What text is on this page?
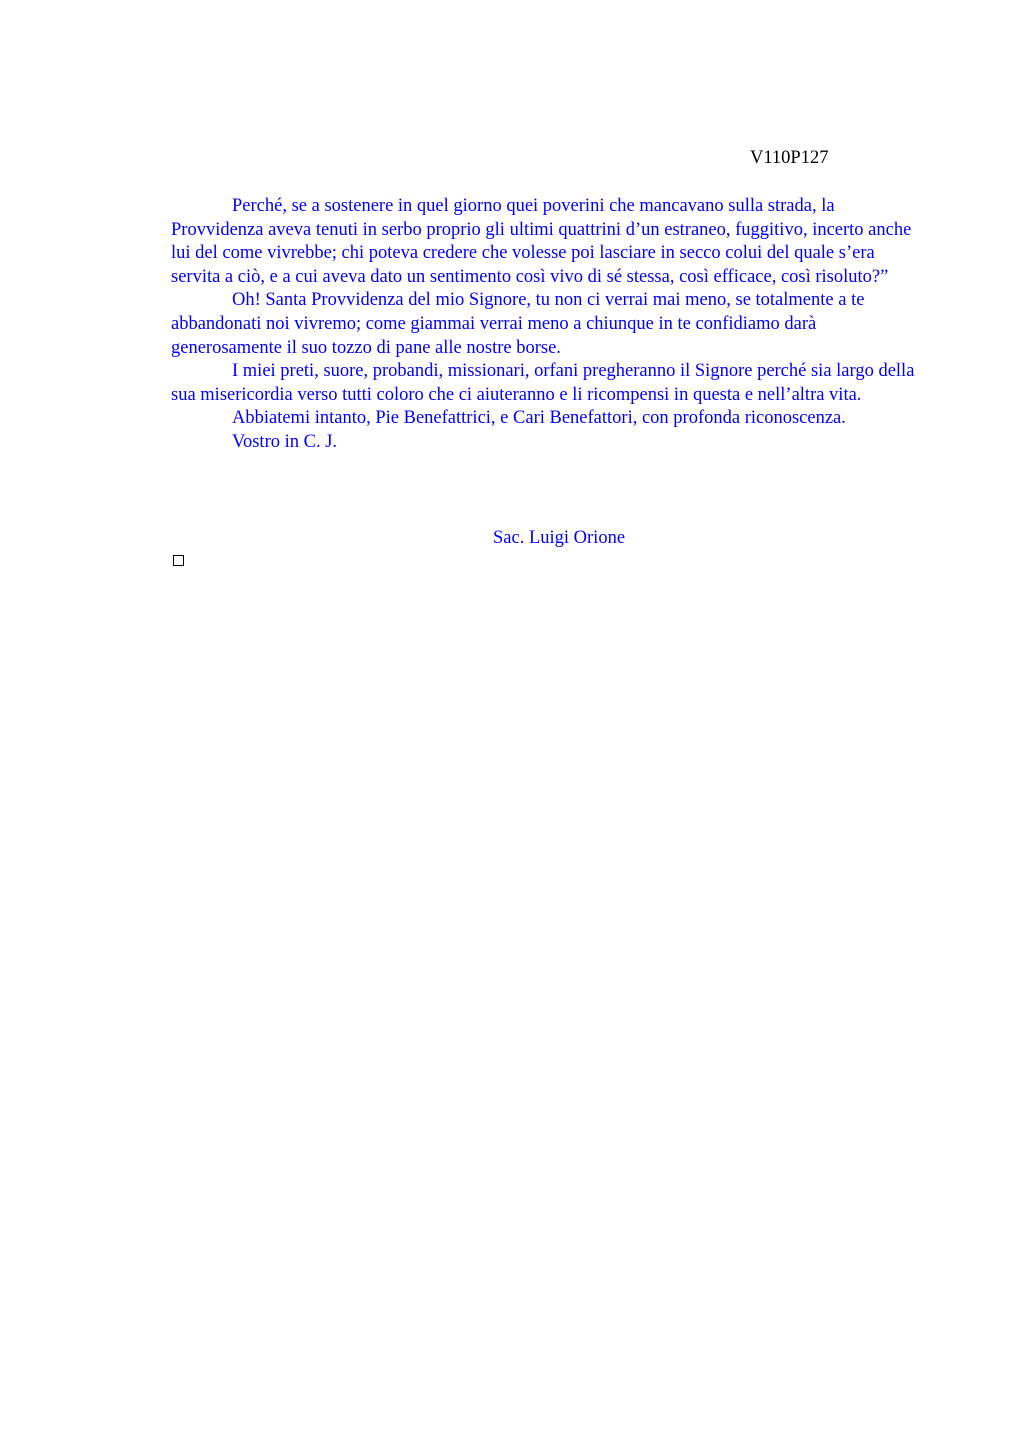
V110P127

Perché, se a sostenere in quel giorno quei poverini che mancavano sulla strada, la Provvidenza aveva tenuti in serbo proprio gli ultimi quattrini d’un estraneo, fuggitivo, incerto anche lui del come vivrebbe; chi poteva credere che volesse poi lasciare in secco colui del quale s’era servita a ciò, e a cui aveva dato un sentimento così vivo di sé stessa, così efficace, così risoluto?”

Oh! Santa Provvidenza del mio Signore, tu non ci verrai mai meno, se totalmente a te abbandonati noi vivremo; come giammai verrai meno a chiunque in te confidiamo darà generosamente il suo tozzo di pane alle nostre borse.

I miei preti, suore, probandi, missionari, orfani pregheranno il Signore perché sia largo della sua misericordia verso tutti coloro che ci aiuteranno e li ricompensi in questa e nell’altra vita.

Abbiatemi intanto, Pie Benefattrici, e Cari Benefattori, con profonda riconoscenza.

Vostro in C. J.

Sac. Luigi Orione
